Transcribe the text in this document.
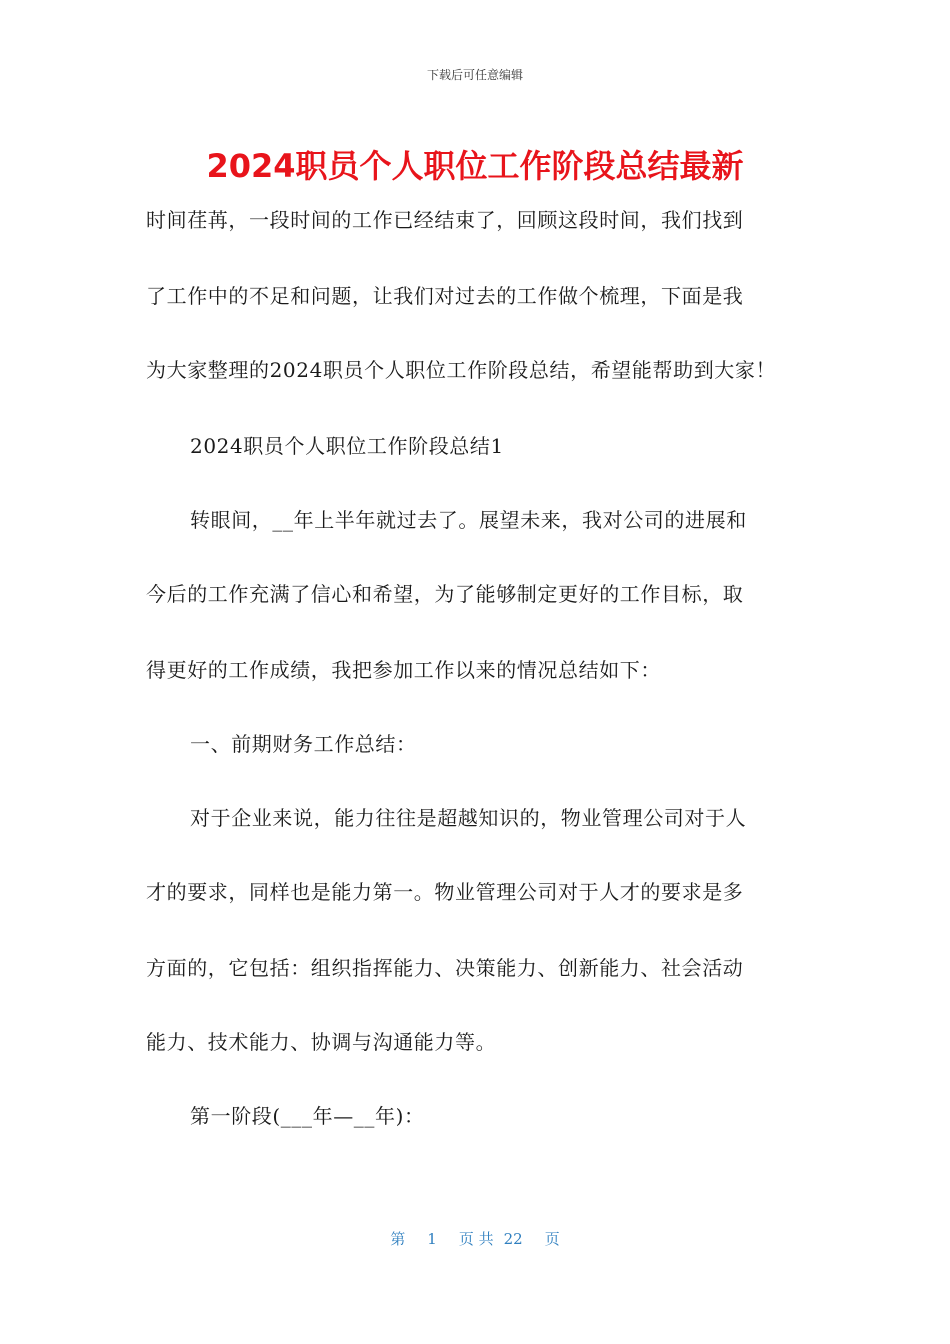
下载后可任意编辑
2024职员个人职位工作阶段总结最新
时间荏苒，一段时间的工作已经结束了，回顾这段时间，我们找到
了工作中的不足和问题，让我们对过去的工作做个梳理，下面是我
为大家整理的2024职员个人职位工作阶段总结，希望能帮助到大家！
2024职员个人职位工作阶段总结1
转眼间，__年上半年就过去了。展望未来，我对公司的进展和
今后的工作充满了信心和希望，为了能够制定更好的工作目标，取
得更好的工作成绩，我把参加工作以来的情况总结如下：
一、前期财务工作总结：
对于企业来说，能力往往是超越知识的，物业管理公司对于人
才的要求，同样也是能力第一。物业管理公司对于人才的要求是多
方面的，它包括：组织指挥能力、决策能力、创新能力、社会活动
能力、技术能力、协调与沟通能力等。
第一阶段(___年—__年)：
第 1 页 共 22 页
